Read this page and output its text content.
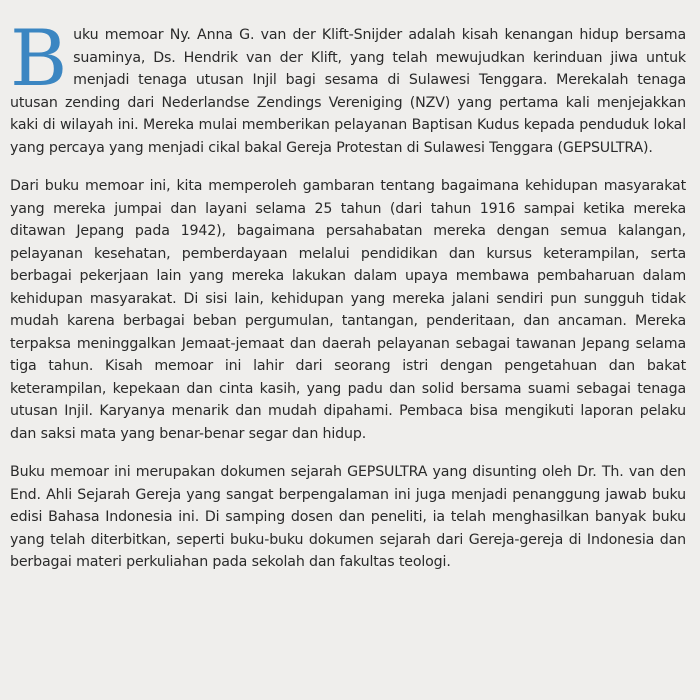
Buku memoar Ny. Anna G. van der Klift-Snijder adalah kisah kenangan hidup bersama suaminya, Ds. Hendrik van der Klift, yang telah mewujudkan kerinduan jiwa untuk menjadi tenaga utusan Injil bagi sesama di Sulawesi Tenggara. Merekalah tenaga utusan zending dari Nederlandse Zendings Vereniging (NZV) yang pertama kali menjejakkan kaki di wilayah ini. Mereka mulai memberikan pelayanan Baptisan Kudus kepada penduduk lokal yang percaya yang menjadi cikal bakal Gereja Protestan di Sulawesi Tenggara (GEPSULTRA).

Dari buku memoar ini, kita memperoleh gambaran tentang bagaimana kehidupan masyarakat yang mereka jumpai dan layani selama 25 tahun (dari tahun 1916 sampai ketika mereka ditawan Jepang pada 1942), bagaimana persahabatan mereka dengan semua kalangan, pelayanan kesehatan, pemberdayaan melalui pendidikan dan kursus keterampilan, serta berbagai pekerjaan lain yang mereka lakukan dalam upaya membawa pembaharuan dalam kehidupan masyarakat. Di sisi lain, kehidupan yang mereka jalani sendiri pun sungguh tidak mudah karena berbagai beban pergumulan, tantangan, penderitaan, dan ancaman. Mereka terpaksa meninggalkan Jemaat-jemaat dan daerah pelayanan sebagai tawanan Jepang selama tiga tahun. Kisah memoar ini lahir dari seorang istri dengan pengetahuan dan bakat keterampilan, kepekaan dan cinta kasih, yang padu dan solid bersama suami sebagai tenaga utusan Injil. Karyanya menarik dan mudah dipahami. Pembaca bisa mengikuti laporan pelaku dan saksi mata yang benar-benar segar dan hidup.

Buku memoar ini merupakan dokumen sejarah GEPSULTRA yang disunting oleh Dr. Th. van den End. Ahli Sejarah Gereja yang sangat berpengalaman ini juga menjadi penanggung jawab buku edisi Bahasa Indonesia ini. Di samping dosen dan peneliti, ia telah menghasilkan banyak buku yang telah diterbitkan, seperti buku-buku dokumen sejarah dari Gereja-gereja di Indonesia dan berbagai materi perkuliahan pada sekolah dan fakultas teologi.
